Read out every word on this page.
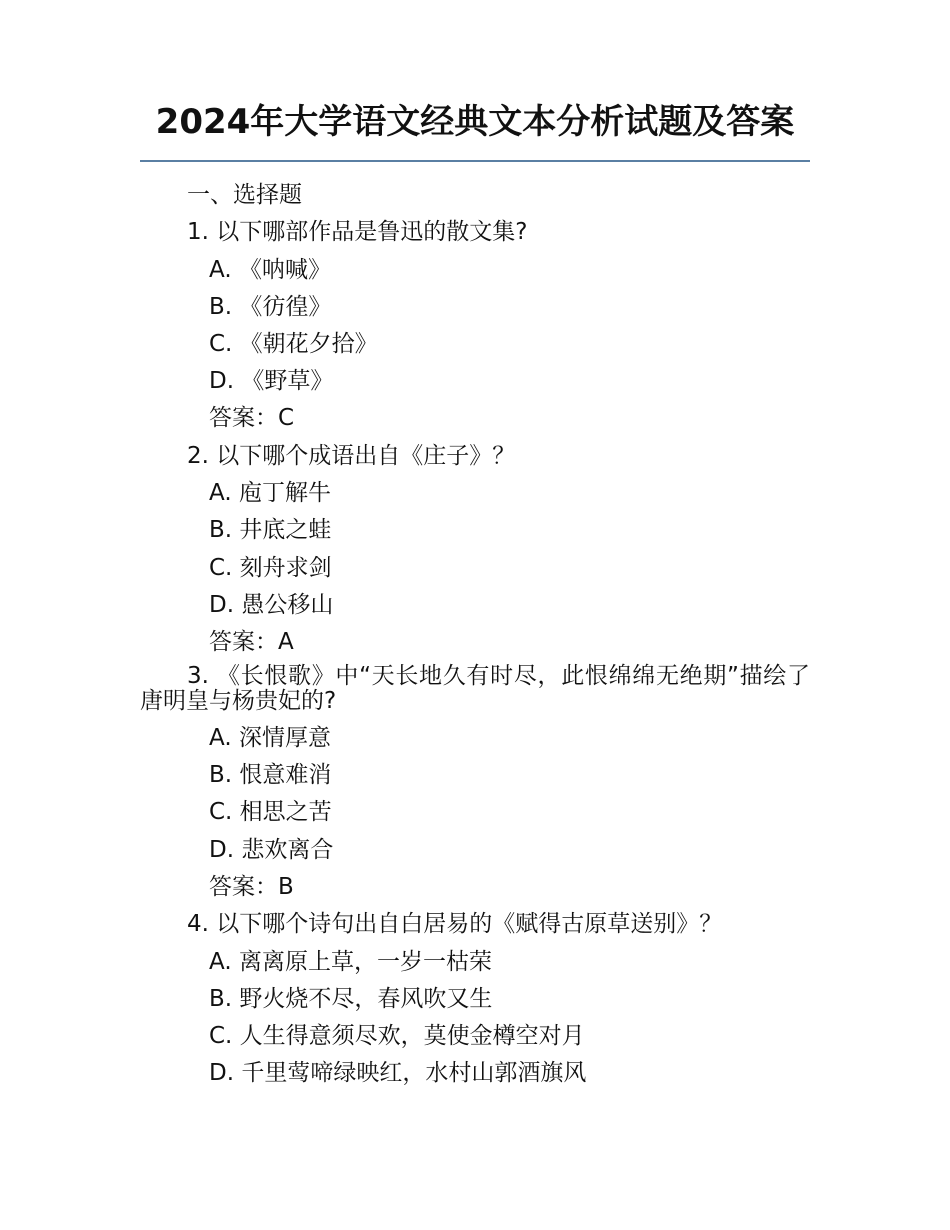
2024年大学语文经典文本分析试题及答案
一、选择题
1. 以下哪部作品是鲁迅的散文集?
A. 《呐喊》
B. 《彷徨》
C. 《朝花夕拾》
D. 《野草》
答案：C
2. 以下哪个成语出自《庄子》？
A. 庖丁解牛
B. 井底之蛙
C. 刻舟求剑
D. 愚公移山
答案：A
3. 《长恨歌》中“天长地久有时尽，此恨绵绵无绝期”描绘了唐明皇与杨贵妃的?
A. 深情厚意
B. 恨意难消
C. 相思之苦
D. 悲欢离合
答案：B
4. 以下哪个诗句出自白居易的《赋得古原草送别》？
A. 离离原上草，一岁一枯荣
B. 野火烧不尽，春风吹又生
C. 人生得意须尽欢，莫使金樽空对月
D. 千里莺啼绿映红，水村山郭酒旗风
